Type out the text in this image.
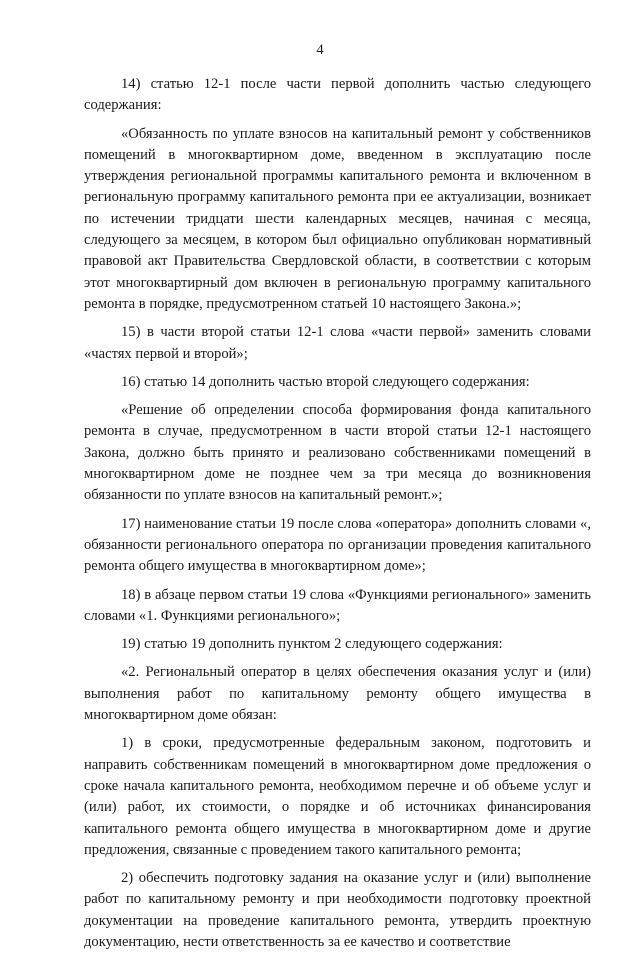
4

14) статью 12-1 после части первой дополнить частью следующего содержания:

«Обязанность по уплате взносов на капитальный ремонт у собственников помещений в многоквартирном доме, введенном в эксплуатацию после утверждения региональной программы капитального ремонта и включенном в региональную программу капитального ремонта при ее актуализации, возникает по истечении тридцати шести календарных месяцев, начиная с месяца, следующего за месяцем, в котором был официально опубликован нормативный правовой акт Правительства Свердловской области, в соответствии с которым этот многоквартирный дом включен в региональную программу капитального ремонта в порядке, предусмотренном статьей 10 настоящего Закона.»;

15) в части второй статьи 12-1 слова «части первой» заменить словами «частях первой и второй»;

16) статью 14 дополнить частью второй следующего содержания:

«Решение об определении способа формирования фонда капитального ремонта в случае, предусмотренном в части второй статьи 12-1 настоящего Закона, должно быть принято и реализовано собственниками помещений в многоквартирном доме не позднее чем за три месяца до возникновения обязанности по уплате взносов на капитальный ремонт.»;

17) наименование статьи 19 после слова «оператора» дополнить словами «, обязанности регионального оператора по организации проведения капитального ремонта общего имущества в многоквартирном доме»;

18) в абзаце первом статьи 19 слова «Функциями регионального» заменить словами «1. Функциями регионального»;

19) статью 19 дополнить пунктом 2 следующего содержания:

«2. Региональный оператор в целях обеспечения оказания услуг и (или) выполнения работ по капитальному ремонту общего имущества в многоквартирном доме обязан:

1) в сроки, предусмотренные федеральным законом, подготовить и направить собственникам помещений в многоквартирном доме предложения о сроке начала капитального ремонта, необходимом перечне и об объеме услуг и (или) работ, их стоимости, о порядке и об источниках финансирования капитального ремонта общего имущества в многоквартирном доме и другие предложения, связанные с проведением такого капитального ремонта;

2) обеспечить подготовку задания на оказание услуг и (или) выполнение работ по капитальному ремонту и при необходимости подготовку проектной документации на проведение капитального ремонта, утвердить проектную документацию, нести ответственность за ее качество и соответствие
